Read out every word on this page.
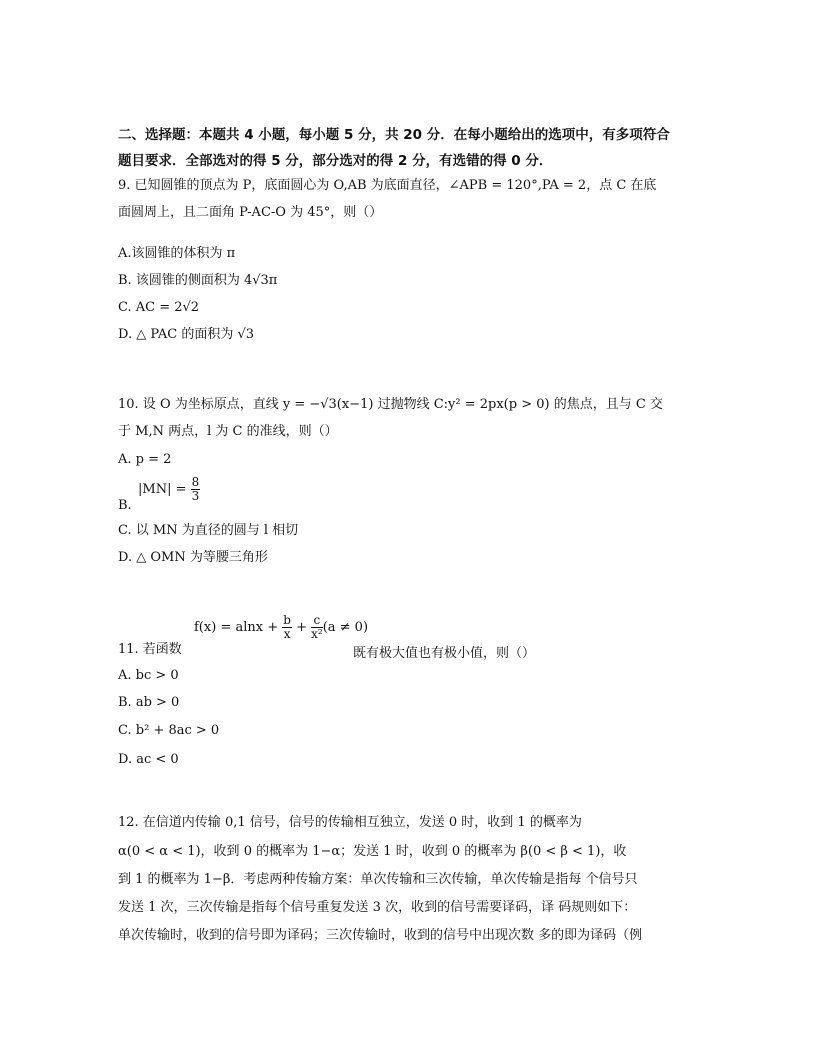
二、选择题：本题共 4 小题，每小题 5 分，共 20 分．在每小题给出的选项中，有多项符合
题目要求．全部选对的得 5 分，部分选对的得 2 分，有选错的得 0 分．
9. 已知圆锥的顶点为 P，底面圆心为 O,AB 为底面直径，∠APB = 120°,PA = 2，点 C 在底
面圆周上，且二面角 P-AC-O 为 45°，则（）
A.该圆锥的体积为 π
B. 该圆锥的侧面积为 4√3π
C. AC = 2√2
D. △ PAC 的面积为 √3
10. 设 O 为坐标原点，直线 y = −√3(x−1) 过抛物线 C:y² = 2px(p > 0) 的焦点，且与 C 交
于 M,N 两点，l 为 C 的准线，则（）
A. p = 2
B.
$|MN| = \frac{8}{3}$
C. 以 MN 为直径的圆与 l 相切
D. △ OMN 为等腰三角形
11. 若函数
$f(x) = alnx + \frac{b}{x} + \frac{c}{\text{x²}} (a \ne 0)$
既有极大值也有极小值，则（）
A. bc > 0
B. ab > 0
C. b² + 8ac > 0
D. ac < 0
12. 在信道内传输 0,1 信号，信号的传输相互独立，发送 0 时，收到 1 的概率为
α(0 < α < 1)，收到 0 的概率为 1−α；发送 1 时，收到 0 的概率为 β(0 < β < 1)，收
到 1 的概率为 1−β．考虑两种传输方案：单次传输和三次传输，单次传输是指每 个信号只
发送 1 次，三次传输是指每个信号重复发送 3 次，收到的信号需要译码，译 码规则如下：
单次传输时，收到的信号即为译码；三次传输时，收到的信号中出现次数 多的即为译码（例
